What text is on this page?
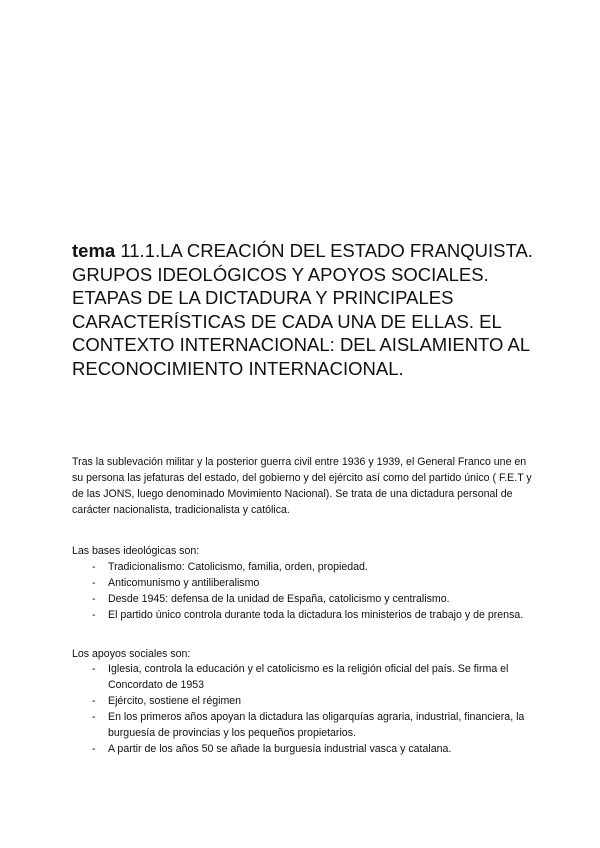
tema 11.1.LA CREACIÓN DEL ESTADO FRANQUISTA. GRUPOS IDEOLÓGICOS Y APOYOS SOCIALES. ETAPAS DE LA DICTADURA Y PRINCIPALES CARACTERÍSTICAS DE CADA UNA DE ELLAS. EL CONTEXTO INTERNACIONAL: DEL AISLAMIENTO AL RECONOCIMIENTO INTERNACIONAL.

Tras la sublevación militar y la posterior guerra civil entre 1936 y 1939, el General Franco une en su persona las jefaturas del estado, del gobierno y del ejército así como del partido único ( F.E.T y de las JONS, luego denominado Movimiento Nacional). Se trata de una dictadura personal de carácter nacionalista, tradicionalista y católica.

Las bases ideológicas son:

- Tradicionalismo: Catolicismo, familia, orden, propiedad.
- Anticomunismo y antiliberalismo
- Desde 1945: defensa de la unidad de España, catolicismo y centralismo.
- El partido único controla durante toda la dictadura los ministerios de trabajo y de prensa.

Los apoyos sociales son:

- Iglesia, controla la educación y el catolicismo es la religión oficial del país. Se firma el Concordato de 1953
- Ejército, sostiene el régimen
- En los primeros años apoyan la dictadura las oligarquías agraria, industrial, financiera, la burguesía de provincias y los pequeños propietarios.
- A partir de los años 50 se añade la burguesía industrial vasca y catalana.
